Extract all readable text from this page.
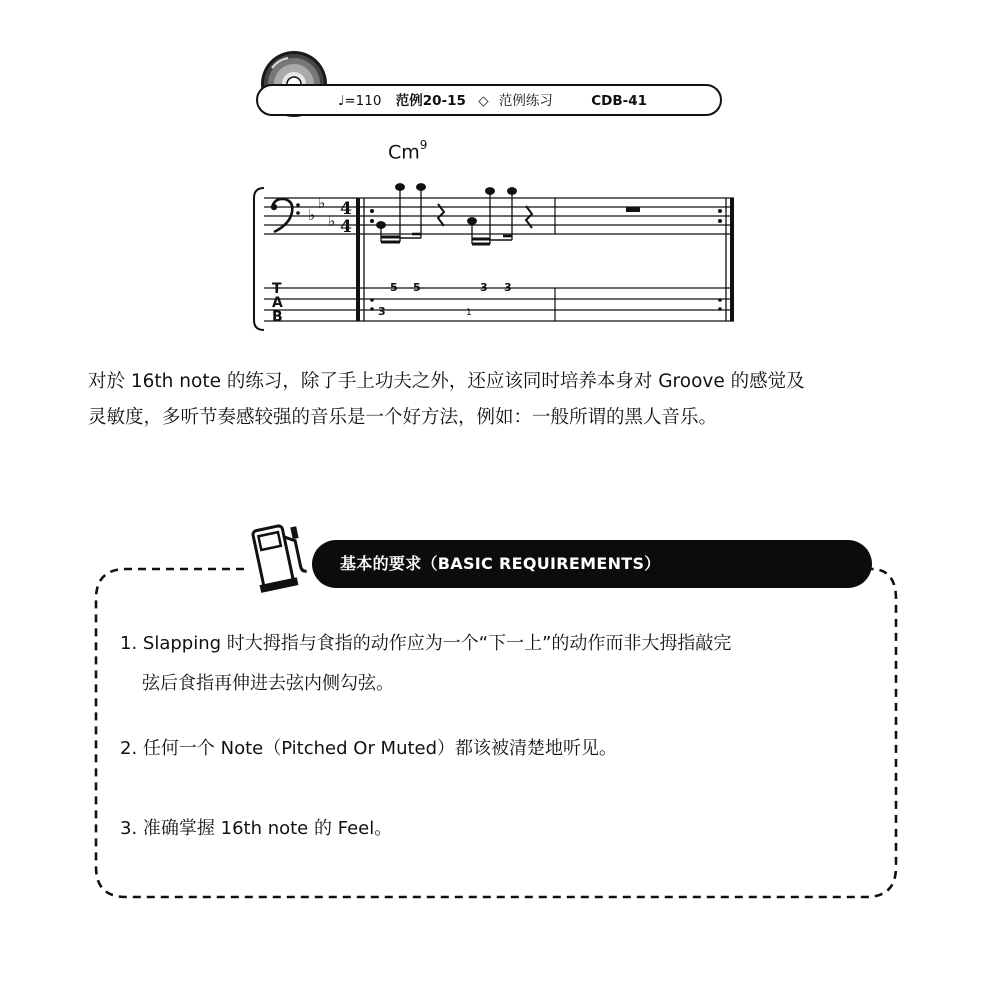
♩=110 范例20-15 ◇ 范例练习	CDB-41
Cm$^9$
♭
♭
♭
4
4
T
A
B
5 5	3 3
3	1
对於 16th note 的练习，除了手上功夫之外，还应该同时培养本身对 Groove 的感觉及
灵敏度，多听节奏感较强的音乐是一个好方法，例如：一般所谓的黑人音乐。
基本的要求（BASIC REQUIREMENTS）
1. Slapping 时大拇指与食指的动作应为一个“下一上”的动作而非大拇指敲完
弦后食指再伸进去弦内侧勾弦。
2. 任何一个 Note（Pitched Or Muted）都该被清楚地听见。
3. 准确掌握 16th note 的 Feel。
